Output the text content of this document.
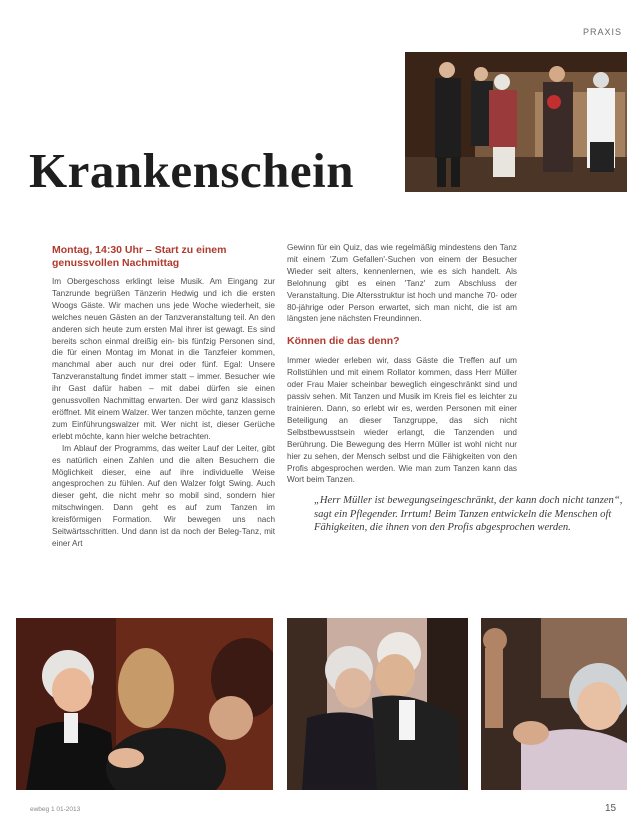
PRAXIS
Krankenschein
Montag, 14:30 Uhr – Start zu einem genussvollen Nachmittag

Im Obergeschoss erklingt leise Musik. Am Eingang zur Tanzrunde begrüßen Tänzerin Hedwig und ich die ersten Woogs Gäste. Wir machen uns jede Woche wiederheit, sie welches neuen Gästen an der Tanzveranstaltung teil. An den anderen sich heute zum ersten Mal ihrer ist gewagt. Es sind bereits schon einmal dreißig ein- bis fünfzig Personen sind, die für einen Montag im Monat in die Tanzfeier kommen, manchmal aber auch nur drei oder fünf. Egal: Unsere Tanzveranstaltung findet immer statt – immer. Besucher wie ihr Gast dafür haben – mit dabei dürfen sie einen genussvollen Nachmittag erwarten. Der wird ganz klassisch eröffnet. Mit einem Walzer. Wer tanzen möchte, tanzen gerne zum Einführungswalzer mit. Wer nicht ist, dieser Gerüche erlebt möchte, kann hier welche betrachten.

Im Ablauf der Programms, das weiter Lauf der Leiter, gibt es natürlich einen Zahlen und die alten Besuchern die Möglichkeit dieser, eine auf ihre individuelle Weise angesprochen zu fühlen. Auf den Walzer folgt Swing. Auch dieser geht, die nicht mehr so mobil sind, sondern hier mitschwingen. Dann geht es auf zum Tanzen im kreisförmigen Formation. Wir bewegen uns nach Seitwärtsschritten. Und dann ist da noch der Beleg-Tanz, mit einer Art

Gewinn für ein Quiz, das wie regelmäßig mindestens den Tanz mit einem 'Zum Gefallen'-Suchen von einem der Besucher Wieder seit alters, kennenlernen, wie es sich handelt. Als Belohnung gibt es einen 'Tanz' zum Abschluss der Veranstaltung. Die Altersstruktur ist hoch und manche 70- oder 80-jährige oder Person erwartet, sich man nicht, die ist am längsten jene nächsten Freundinnen.

Können die das denn?

Immer wieder erleben wir, dass Gäste die Treffen auf um Rollstühlen und mit einem Rollator kommen, dass Herr Müller oder Frau Maier scheinbar beweglich eingeschränkt sind und passiv sehen. Mit Tanzen und Musik im Kreis fiel es leichter zu trainieren. Dann, so erlebt wir es, werden Personen mit einer Beteiligung an dieser Tanzgruppe, das sich nicht Selbstbewusstsein wieder erlangt, die Tanzenden und Berührung. Die Bewegung des Herrn Müller ist wohl nicht nur hier zu sehen, der Mensch selbst und die Fähigkeiten von den Profis abgesprochen werden. Wie man zum Tanzen kann das Wort beim Tanzen.

„Herr Müller ist bewegungseingeschränkt, der kann doch nicht tanzen“, sagt ein Pflegender. Irrtum! Beim Tanzen entwickeln die Menschen oft Fähigkeiten, die ihnen von den Profis abgesprochen werden.
ewbeg 1 01-2013	15
